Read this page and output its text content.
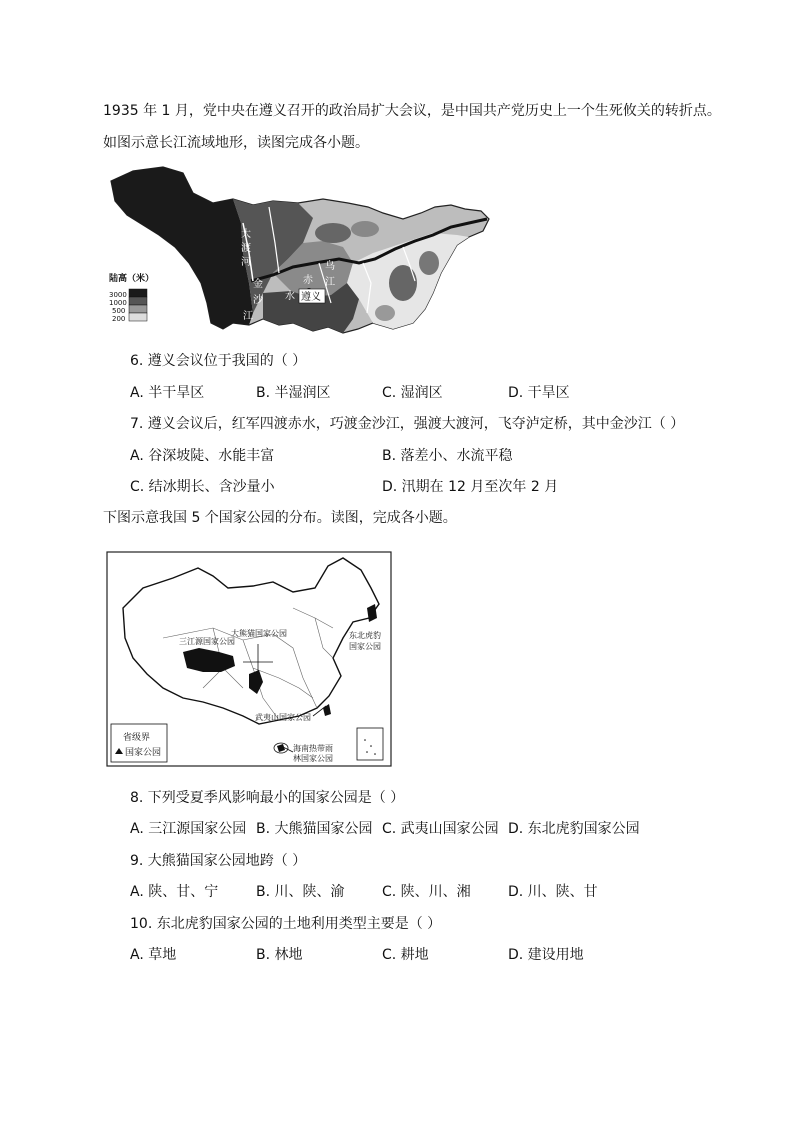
1935 年 1 月，党中央在遵义召开的政治局扩大会议，是中国共产党历史上一个生死攸关的转折点。
如图示意长江流域地形，读图完成各小题。
大
渡
河
金
沙
江
赤
水
乌
江
遵义
陆高（米）
3000
1000
500
200
6. 遵义会议位于我国的（ ）
A. 半干旱区	B. 半湿润区	C. 湿润区	D. 干旱区
7. 遵义会议后，红军四渡赤水，巧渡金沙江，强渡大渡河，飞夺泸定桥，其中金沙江（ ）
A. 谷深坡陡、水能丰富	B. 落差小、水流平稳
C. 结冰期长、含沙量小	D. 汛期在 12 月至次年 2 月
下图示意我国 5 个国家公园的分布。读图，完成各小题。
三江源国家公园
大熊猫国家公园	东北虎豹
国家公园
武夷山国家公园
海南热带雨
林国家公园
省级界
国家公园
8. 下列受夏季风影响最小的国家公园是（ ）
A. 三江源国家公园 B. 大熊猫国家公园 C. 武夷山国家公园 D. 东北虎豹国家公园
9. 大熊猫国家公园地跨（ ）
A. 陕、甘、宁	B. 川、陕、渝	C. 陕、川、湘	D. 川、陕、甘
10. 东北虎豹国家公园的土地利用类型主要是（ ）
A. 草地	B. 林地	C. 耕地	D. 建设用地
